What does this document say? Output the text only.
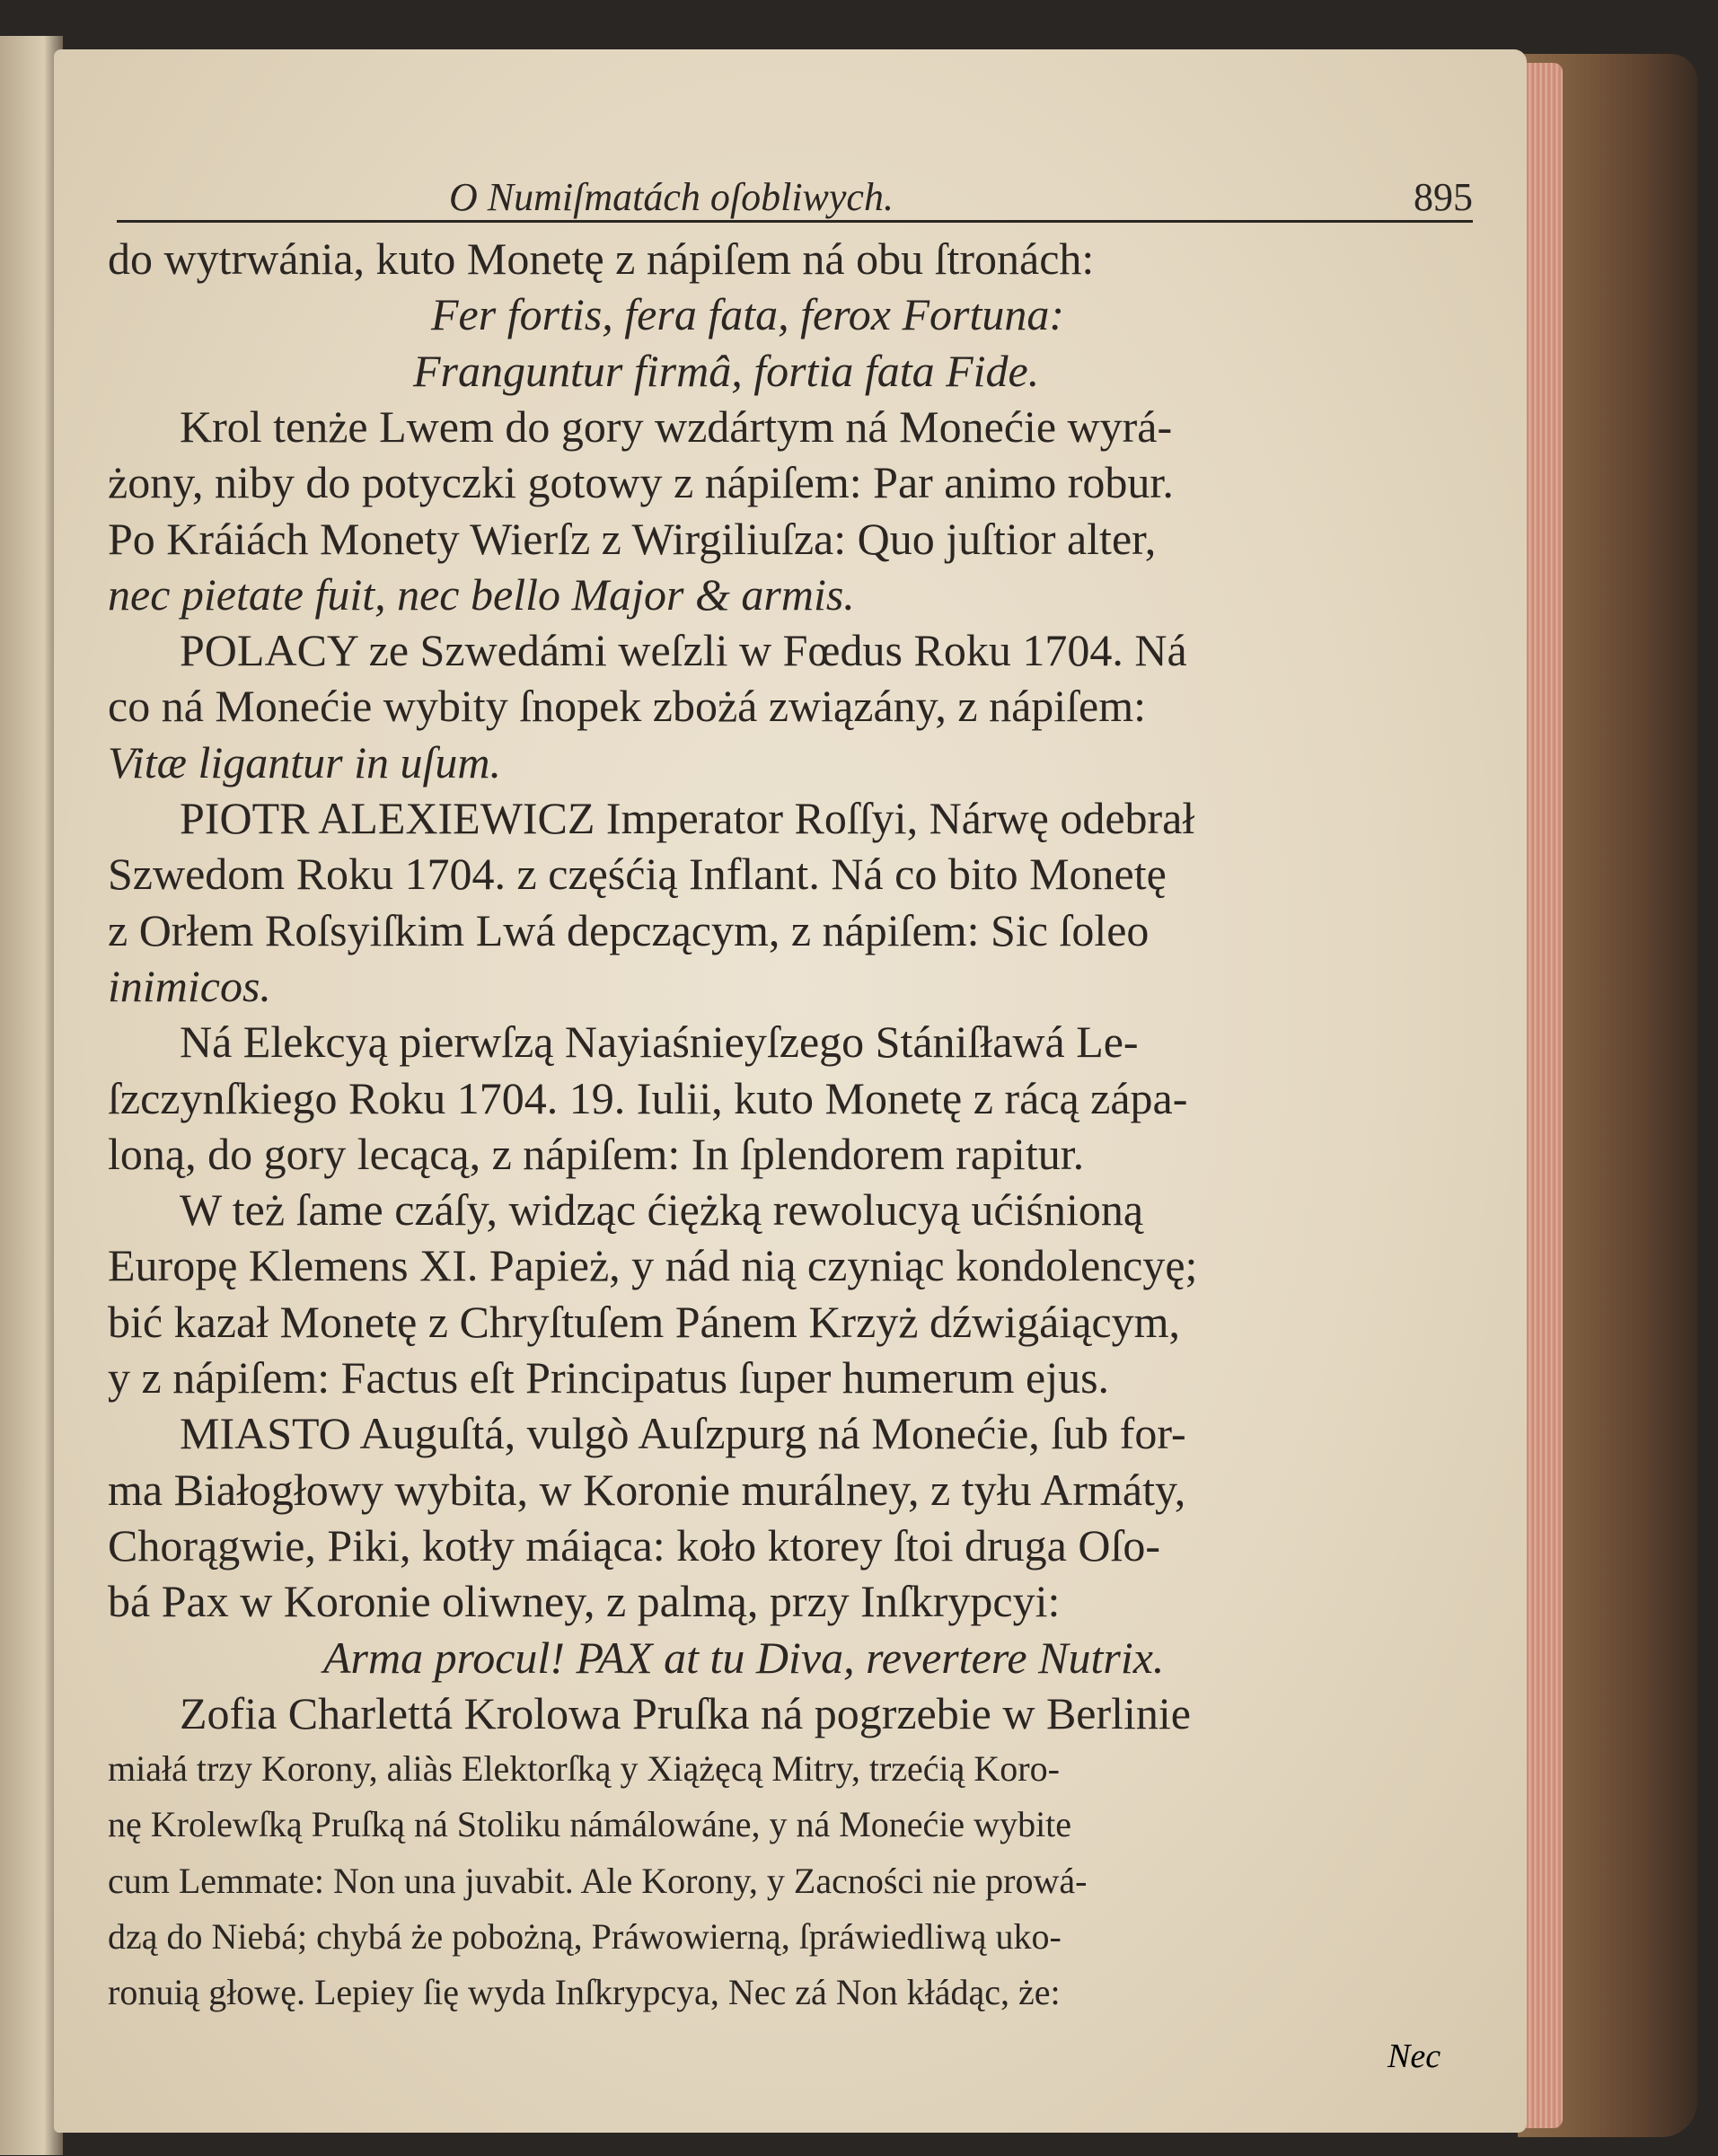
O Numiſmatách oſobliwych.	895
do wytrwánia, kuto Monetę z nápiſem ná obu ſtronách:
Fer fortis, fera fata, ferox Fortuna:
Franguntur firmâ, fortia fata Fide.
Krol tenże Lwem do gory wzdártym ná Monećie wyrá-
żony, niby do potyczki gotowy z nápiſem: Par animo robur.
Po Kráiách Monety Wierſz z Wirgiliuſza: Quo juſtior alter,
nec pietate fuit, nec bello Major & armis.
POLACY ze Szwedámi weſzli w Fœdus Roku 1704. Ná
co ná Monećie wybity ſnopek zbożá związány, z nápiſem:
Vitæ ligantur in uſum.
PIOTR ALEXIEWICZ Imperator Roſſyi, Nárwę odebrał
Szwedom Roku 1704. z częśćią Inflant. Ná co bito Monetę
z Orłem Roſsyiſkim Lwá depczącym, z nápiſem: Sic ſoleo
inimicos.
Ná Elekcyą pierwſzą Nayiaśnieyſzego Stániſławá Le-
ſzczynſkiego Roku 1704. 19. Iulii, kuto Monetę z rácą zápa-
loną, do gory lecącą, z nápiſem: In ſplendorem rapitur.
W też ſame czáſy, widząc ćiężką rewolucyą ućiśnioną
Europę Klemens XI. Papież, y nád nią czyniąc kondolencyę;
bić kazał Monetę z Chryſtuſem Pánem Krzyż dźwigáiącym,
y z nápiſem: Factus eſt Principatus ſuper humerum ejus.
MIASTO Auguſtá, vulgò Auſzpurg ná Monećie, ſub for-
ma Białogłowy wybita, w Koronie murálney, z tyłu Armáty,
Chorągwie, Piki, kotły máiąca: koło ktorey ſtoi druga Oſo-
bá Pax w Koronie oliwney, z palmą, przy Inſkrypcyi:
Arma procul! PAX at tu Diva, revertere Nutrix.
Zofia Charlettá Krolowa Pruſka ná pogrzebie w Berlinie
miałá trzy Korony, aliàs Elektorſką y Xiążęcą Mitry, trzećią Koro-
nę Krolewſką Pruſką ná Stoliku námálowáne, y ná Monećie wybite
cum Lemmate: Non una juvabit. Ale Korony, y Zacności nie prowá-
dzą do Niebá; chybá że pobożną, Práwowierną, ſpráwiedliwą uko-
ronuią głowę. Lepiey ſię wyda Inſkrypcya, Nec zá Non kłádąc, że:
Nec
